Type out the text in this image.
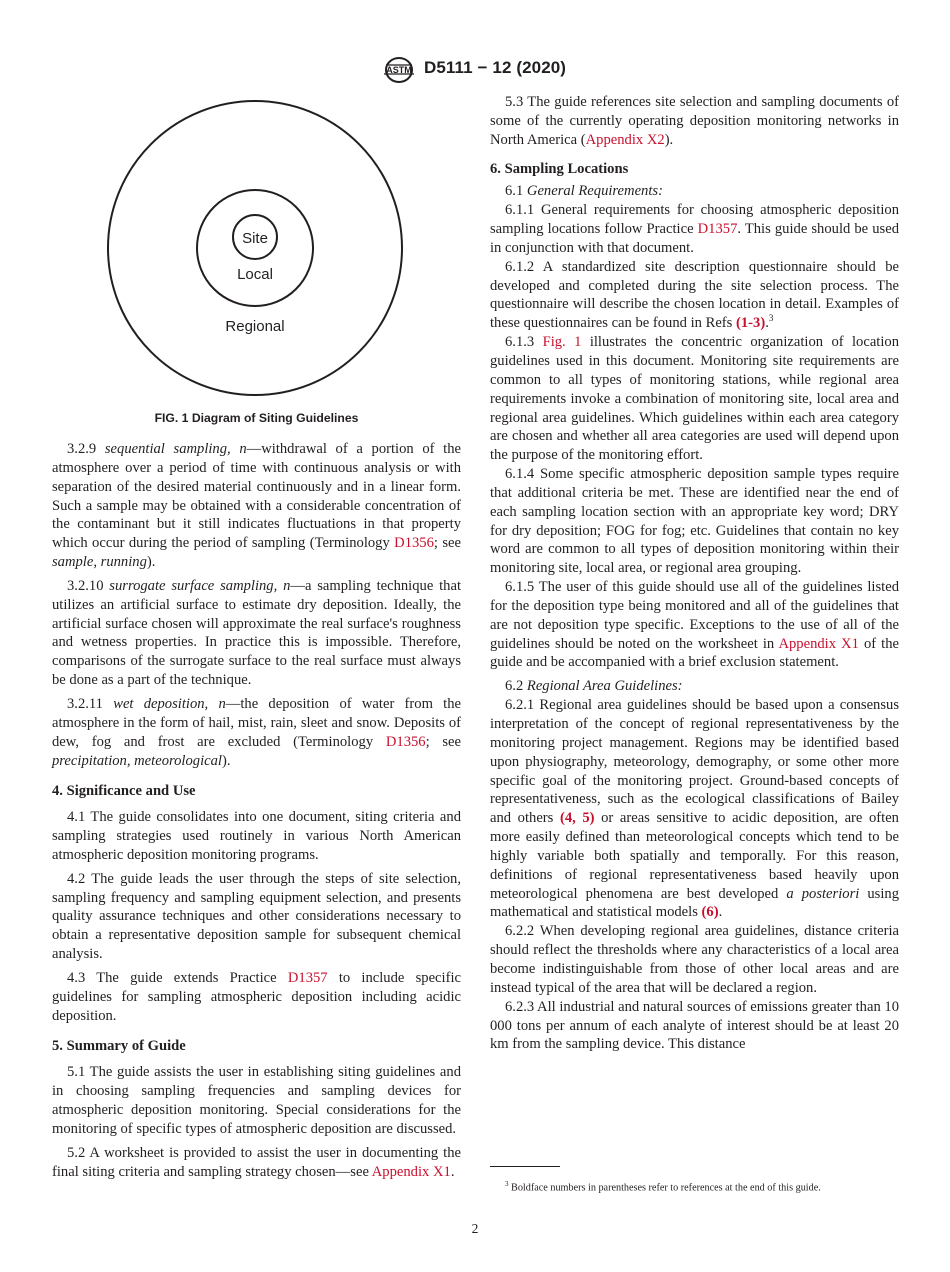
ASTM D5111 − 12 (2020)
Site
Local
Regional
FIG. 1 Diagram of Siting Guidelines

3.2.9 sequential sampling, n—withdrawal of a portion of the atmosphere over a period of time with continuous analysis or with separation of the desired material continuously and in a linear form. Such a sample may be obtained with a considerable concentration of the contaminant but it still indicates fluctuations in that property which occur during the period of sampling (Terminology D1356; see sample, running).

3.2.10 surrogate surface sampling, n—a sampling technique that utilizes an artificial surface to estimate dry deposition. Ideally, the artificial surface chosen will approximate the real surface's roughness and wetness properties. In practice this is impossible. Therefore, comparisons of the surrogate surface to the real surface must always be done as a part of the technique.

3.2.11 wet deposition, n—the deposition of water from the atmosphere in the form of hail, mist, rain, sleet and snow. Deposits of dew, fog and frost are excluded (Terminology D1356; see precipitation, meteorological).

4. Significance and Use

4.1 The guide consolidates into one document, siting criteria and sampling strategies used routinely in various North American atmospheric deposition monitoring programs.

4.2 The guide leads the user through the steps of site selection, sampling frequency and sampling equipment selection, and presents quality assurance techniques and other considerations necessary to obtain a representative deposition sample for subsequent chemical analysis.

4.3 The guide extends Practice D1357 to include specific guidelines for sampling atmospheric deposition including acidic deposition.

5. Summary of Guide

5.1 The guide assists the user in establishing siting guidelines and in choosing sampling frequencies and sampling devices for atmospheric deposition monitoring. Special considerations for the monitoring of specific types of atmospheric deposition are discussed.

5.2 A worksheet is provided to assist the user in documenting the final siting criteria and sampling strategy chosen—see Appendix X1.

5.3 The guide references site selection and sampling documents of some of the currently operating deposition monitoring networks in North America (Appendix X2).

6. Sampling Locations

6.1 General Requirements:

6.1.1 General requirements for choosing atmospheric deposition sampling locations follow Practice D1357. This guide should be used in conjunction with that document.

6.1.2 A standardized site description questionnaire should be developed and completed during the site selection process. The questionnaire will describe the chosen location in detail. Examples of these questionnaires can be found in Refs (1-3).$^3$

6.1.3 Fig. 1 illustrates the concentric organization of location guidelines used in this document. Monitoring site requirements are common to all types of monitoring stations, while regional area requirements invoke a combination of monitoring site, local area and regional area guidelines. Which guidelines within each area category are chosen and whether all area categories are used will depend upon the purpose of the monitoring effort.

6.1.4 Some specific atmospheric deposition sample types require that additional criteria be met. These are identified near the end of each sampling location section with an appropriate key word; DRY for dry deposition; FOG for fog; etc. Guidelines that contain no key word are common to all types of deposition monitoring within their monitoring site, local area, or regional area grouping.

6.1.5 The user of this guide should use all of the guidelines listed for the deposition type being monitored and all of the guidelines that are not deposition type specific. Exceptions to the use of all of the guidelines should be noted on the worksheet in Appendix X1 of the guide and be accompanied with a brief exclusion statement.

6.2 Regional Area Guidelines:

6.2.1 Regional area guidelines should be based upon a consensus interpretation of the concept of regional representativeness by the monitoring project management. Regions may be identified based upon physiography, meteorology, demography, or some other more specific goal of the monitoring project. Ground-based concepts of representativeness, such as the ecological classifications of Bailey and others (4, 5) or areas sensitive to acidic deposition, are often more easily defined than meteorological concepts which tend to be highly variable both spatially and temporally. For this reason, definitions of regional representativeness based heavily upon meteorological phenomena are best developed a posteriori using mathematical and statistical models (6).

6.2.2 When developing regional area guidelines, distance criteria should reflect the thresholds where any characteristics of a local area become indistinguishable from those of other local areas and are instead typical of the area that will be declared a region.

6.2.3 All industrial and natural sources of emissions greater than 10 000 tons per annum of each analyte of interest should be at least 20 km from the sampling device. This distance

$^3$ Boldface numbers in parentheses refer to references at the end of this guide.
2
